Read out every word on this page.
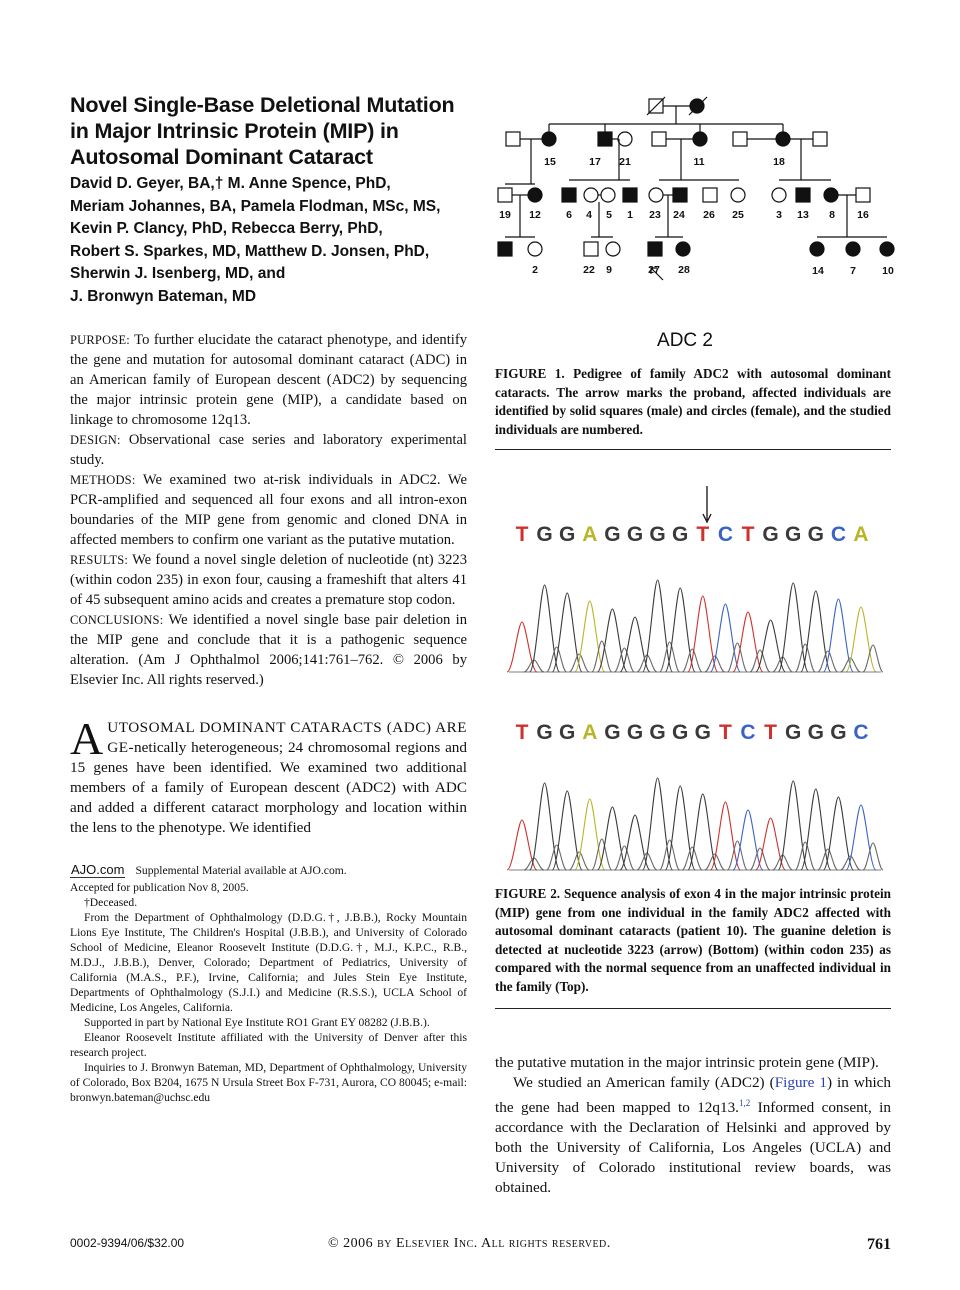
Novel Single-Base Deletional Mutation in Major Intrinsic Protein (MIP) in Autosomal Dominant Cataract
David D. Geyer, BA,† M. Anne Spence, PhD,
Meriam Johannes, BA, Pamela Flodman, MSc, MS,
Kevin P. Clancy, PhD, Rebecca Berry, PhD,
Robert S. Sparkes, MD, Matthew D. Jonsen, PhD,
Sherwin J. Isenberg, MD, and
J. Bronwyn Bateman, MD

PURPOSE: To further elucidate the cataract phenotype, and identify the gene and mutation for autosomal dominant cataract (ADC) in an American family of European descent (ADC2) by sequencing the major intrinsic protein gene (MIP), a candidate based on linkage to chromosome 12q13.

DESIGN: Observational case series and laboratory experimental study.

METHODS: We examined two at-risk individuals in ADC2. We PCR-amplified and sequenced all four exons and all intron-exon boundaries of the MIP gene from genomic and cloned DNA in affected members to confirm one variant as the putative mutation.

RESULTS: We found a novel single deletion of nucleotide (nt) 3223 (within codon 235) in exon four, causing a frameshift that alters 41 of 45 subsequent amino acids and creates a premature stop codon.

CONCLUSIONS: We identified a novel single base pair deletion in the MIP gene and conclude that it is a pathogenic sequence alteration. (Am J Ophthalmol 2006;141:761–762. © 2006 by Elsevier Inc. All rights reserved.)

AUTOSOMAL DOMINANT CATARACTS (ADC) ARE GE-netically heterogeneous; 24 chromosomal regions and 15 genes have been identified. We examined two additional members of a family of European descent (ADC2) with ADC and added a different cataract morphology and location within the lens to the phenotype. We identified
AJO.com Supplemental Material available at AJO.com.
Accepted for publication Nov 8, 2005.

†Deceased.

From the Department of Ophthalmology (D.D.G.†, J.B.B.), Rocky Mountain Lions Eye Institute, The Children's Hospital (J.B.B.), and University of Colorado School of Medicine, Eleanor Roosevelt Institute (D.D.G.†, M.J., K.P.C., R.B., M.D.J., J.B.B.), Denver, Colorado; Department of Pediatrics, University of California (M.A.S., P.F.), Irvine, California; and Jules Stein Eye Institute, Departments of Ophthalmology (S.J.I.) and Medicine (R.S.S.), UCLA School of Medicine, Los Angeles, California.

Supported in part by National Eye Institute RO1 Grant EY 08282 (J.B.B.).

Eleanor Roosevelt Institute affiliated with the University of Denver after this research project.

Inquiries to J. Bronwyn Bateman, MD, Department of Ophthalmology, University of Colorado, Box B204, 1675 N Ursula Street Box F-731, Aurora, CO 80045; e-mail: bronwyn.bateman@uchsc.edu

15	17 21	11	18
19 12 6 4 5 1 23 24 26 25	3 13 8 16
2	22 9	27 28	14 7 10
ADC 2
FIGURE 1. Pedigree of family ADC2 with autosomal dominant cataracts. The arrow marks the proband, affected individuals are identified by solid squares (male) and circles (female), and the studied individuals are numbered.
T G G A G G G G T C T G G G C A
T G G A G G G G G T C T G G G C
FIGURE 2. Sequence analysis of exon 4 in the major intrinsic protein (MIP) gene from one individual in the family ADC2 affected with autosomal dominant cataracts (patient 10). The guanine deletion is detected at nucleotide 3223 (arrow) (Bottom) (within codon 235) as compared with the normal sequence from an unaffected individual in the family (Top).
the putative mutation in the major intrinsic protein gene (MIP).
We studied an American family (ADC2) (Figure 1) in which the gene had been mapped to 12q13.$^{1,2}$ Informed consent, in accordance with the Declaration of Helsinki and approved by both the University of California, Los Angeles (UCLA) and University of Colorado institutional review boards, was obtained.
0002-9394/06/$32.00	© 2006 by Elsevier Inc. All rights reserved.	761
